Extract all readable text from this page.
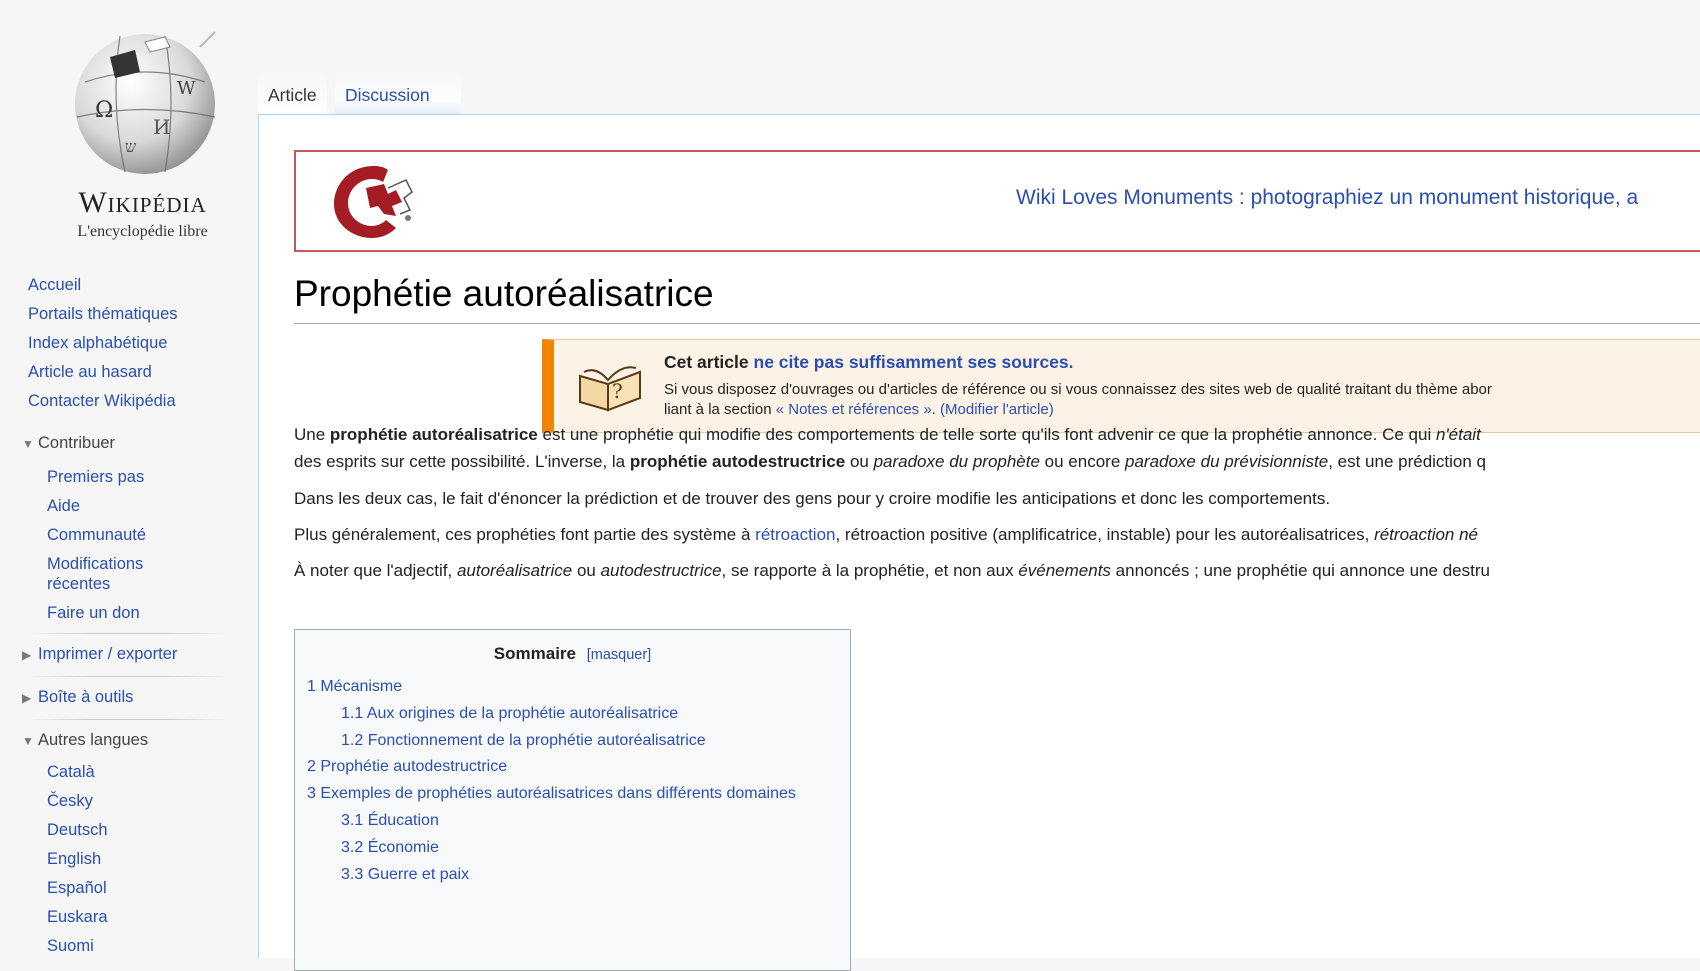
Ω
W
И
ש
Wikipédia
L'encyclopédie libre
Accueil
Portails thématiques
Index alphabétique
Article au hasard
Contacter Wikipédia
▼ Contribuer
Premiers pas
Aide
Communauté
Modifications récentes
Faire un don
▶ Imprimer / exporter
▶ Boîte à outils
▼ Autres langues
Català
Česky
Deutsch
English
Español
Euskara
Suomi
Article	Discussion
Wiki Loves Monuments : photographiez un monument historique, a
Prophétie autoréalisatrice
?
Cet article ne cite pas suffisamment ses sources.
Si vous disposez d'ouvrages ou d'articles de référence ou si vous connaissez des sites web de qualité traitant du thème abor
liant à la section « Notes et références ». (Modifier l'article)
Une prophétie autoréalisatrice est une prophétie qui modifie des comportements de telle sorte qu'ils font advenir ce que la prophétie annonce. Ce qui n'était
des esprits sur cette possibilité. L'inverse, la prophétie autodestructrice ou paradoxe du prophète ou encore paradoxe du prévisionniste, est une prédiction q

Dans les deux cas, le fait d'énoncer la prédiction et de trouver des gens pour y croire modifie les anticipations et donc les comportements.

Plus généralement, ces prophéties font partie des système à rétroaction, rétroaction positive (amplificatrice, instable) pour les autoréalisatrices, rétroaction né

À noter que l'adjectif, autoréalisatrice ou autodestructrice, se rapporte à la prophétie, et non aux événements annoncés ; une prophétie qui annonce une destru

Sommaire [masquer]
1 Mécanisme
1.1 Aux origines de la prophétie autoréalisatrice
1.2 Fonctionnement de la prophétie autoréalisatrice
2 Prophétie autodestructrice
3 Exemples de prophéties autoréalisatrices dans différents domaines
3.1 Éducation
3.2 Économie
3.3 Guerre et paix
